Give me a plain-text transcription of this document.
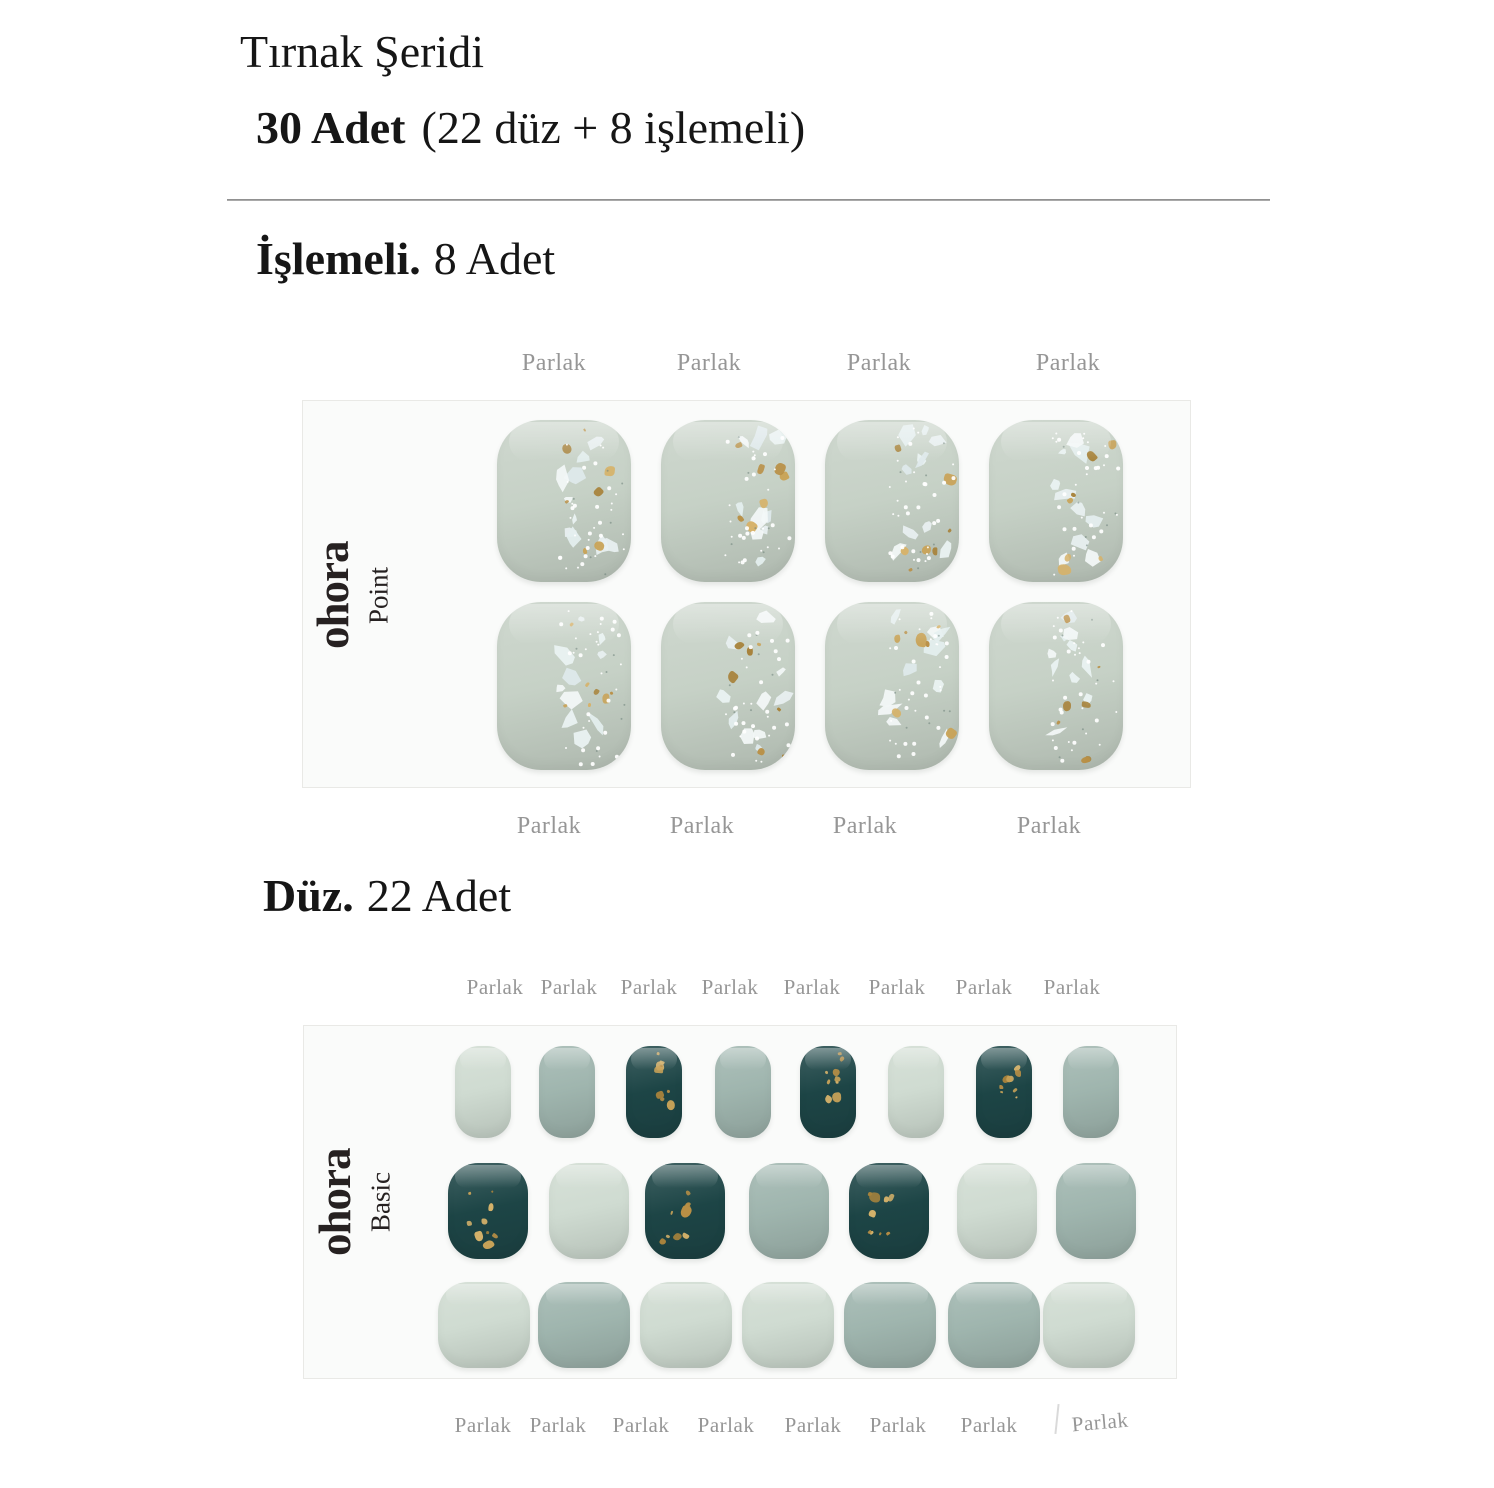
Tırnak Şeridi
30 Adet (22 düz + 8 işlemeli)
İşlemeli. 8 Adet
ohora Point
Düz. 22 Adet
ohora Basic
Parlak	Parlak	Parlak	Parlak
Parlak	Parlak	Parlak	Parlak
Parlak Parlak Parlak Parlak Parlak Parlak Parlak Parlak
Parlak Parlak Parlak Parlak Parlak Parlak Parlak	Parlak
